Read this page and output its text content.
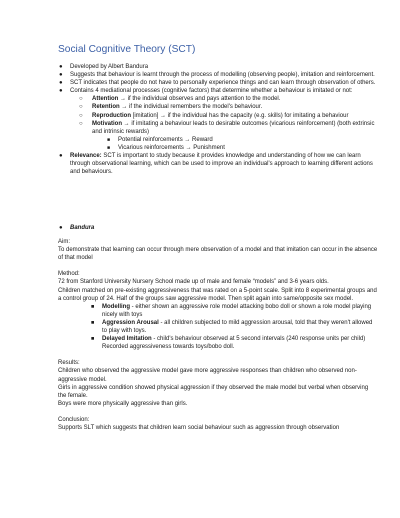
Social Cognitive Theory (SCT)
● Developed by Albert Bandura
● Suggests that behaviour is learnt through the process of modelling (observing people), imitation and reinforcement.
● SCT indicates that people do not have to personally experience things and can learn through observation of others.
● Contains 4 mediational processes (cognitive factors) that determine whether a behaviour is imitated or not:
○ Attention → if the individual observes and pays attention to the model.
○ Retention → if the individual remembers the model's behaviour.
○ Reproduction [imitation] → if the individual has the capacity (e.g. skills) for imitating a behaviour
○ Motivation → if imitating a behaviour leads to desirable outcomes (vicarious reinforcement) (both extrinsic and intrinsic rewards)
■ Potential reinforcements → Reward
■ Vicarious reinforcements → Punishment
● Relevance: SCT is important to study because it provides knowledge and understanding of how we can learn through observational learning, which can be used to improve an individual's approach to learning different actions and behaviours.
● Bandura

Aim:

To demonstrate that learning can occur through mere observation of a model and that imitation can occur in the absence of that model

Method:

72 from Stanford University Nursery School made up of male and female “models” and 3-6 years olds.

Children matched on pre-existing aggressiveness that was rated on a 5-point scale. Split into 8 experimental groups and a control group of 24. Half of the groups saw aggressive model. Then split again into same/opposite sex model.

■ Modelling - either shown an aggressive role model attacking bobo doll or shown a role model playing nicely with toys
■ Aggression Arousal - all children subjected to mild aggression arousal, told that they weren't allowed to play with toys.
■ Delayed Imitation - child's behaviour observed at 5 second intervals (240 response units per child) Recorded aggressiveness towards toys/bobo doll.

Results:

Children who observed the aggressive model gave more aggressive responses than children who observed non-aggressive model.

Girls in aggressive condition showed physical aggression if they observed the male model but verbal when observing the female.

Boys were more physically aggressive than girls.

Conclusion:

Supports SLT which suggests that children learn social behaviour such as aggression through observation
